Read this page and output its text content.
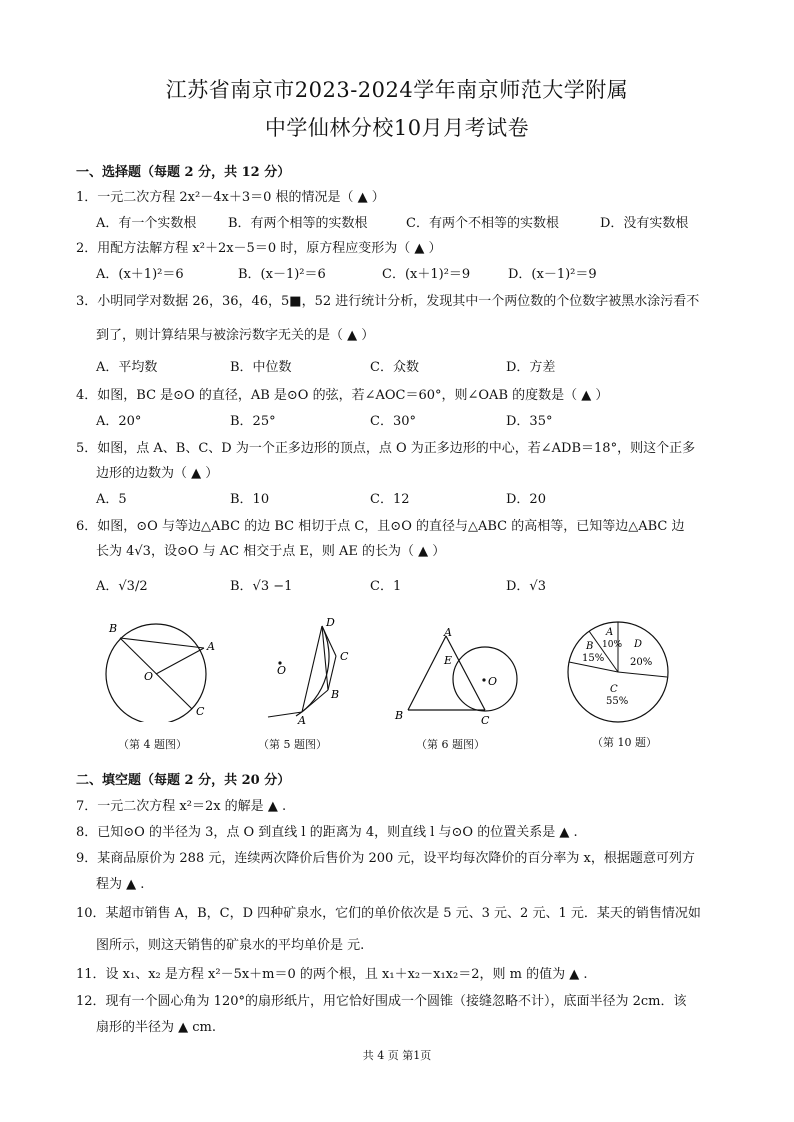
江苏省南京市2023-2024学年南京师范大学附属
中学仙林分校10月月考试卷
一、选择题（每题 2 分，共 12 分）
1．一元二次方程 2x²－4x＋3＝0 根的情况是（ ▲ ）
A．有一个实数根 B．有两个相等的实数根	C．有两个不相等的实数根	D．没有实数根
2．用配方法解方程 x²＋2x－5＝0 时，原方程应变形为（ ▲ ）
A．(x＋1)²＝6	B．(x－1)²＝6	C．(x＋1)²＝9	D．(x－1)²＝9
3．小明同学对数据 26，36，46，5■，52 进行统计分析，发现其中一个两位数的个位数字被黑水涂污看不
到了，则计算结果与被涂污数字无关的是（ ▲ ）
A．平均数	B．中位数	C．众数	D．方差
4．如图，BC 是⊙O 的直径，AB 是⊙O 的弦，若∠AOC＝60°，则∠OAB 的度数是（ ▲ ）
A．20°	B．25°	C．30°	D．35°
5．如图，点 A、B、C、D 为一个正多边形的顶点，点 O 为正多边形的中心，若∠ADB＝18°，则这个正多
边形的边数为（ ▲ ）
A．5	B．10	C．12	D．20
6．如图，⊙O 与等边△ABC 的边 BC 相切于点 C，且⊙O 的直径与△ABC 的高相等，已知等边△ABC 边
长为 4√3，设⊙O 与 AC 相交于点 E，则 AE 的长为（ ▲ ）
A．√3/2	B．√3 −1	C．1	D．√3
B
A
O
C
（第 4 题图）
D
C
B
A
O
（第 5 题图）
A
E
O
B	C
（第 6 题图）
A
10%
B
15%
D
20%
C
55%
（第 10 题）
二、填空题（每题 2 分，共 20 分）
7．一元二次方程 x²＝2x 的解是 ▲ .
8．已知⊙O 的半径为 3，点 O 到直线 l 的距离为 4，则直线 l 与⊙O 的位置关系是 ▲ .
9．某商品原价为 288 元，连续两次降价后售价为 200 元，设平均每次降价的百分率为 x，根据题意可列方
程为 ▲ .
10．某超市销售 A，B，C，D 四种矿泉水，它们的单价依次是 5 元、3 元、2 元、1 元．某天的销售情况如
图所示，则这天销售的矿泉水的平均单价是 元.
11．设 x₁、x₂ 是方程 x²－5x＋m＝0 的两个根，且 x₁＋x₂－x₁x₂＝2，则 m 的值为 ▲ .
12．现有一个圆心角为 120°的扇形纸片，用它恰好围成一个圆锥（接缝忽略不计），底面半径为 2cm．该
扇形的半径为 ▲ cm.
共 4 页 第1页
